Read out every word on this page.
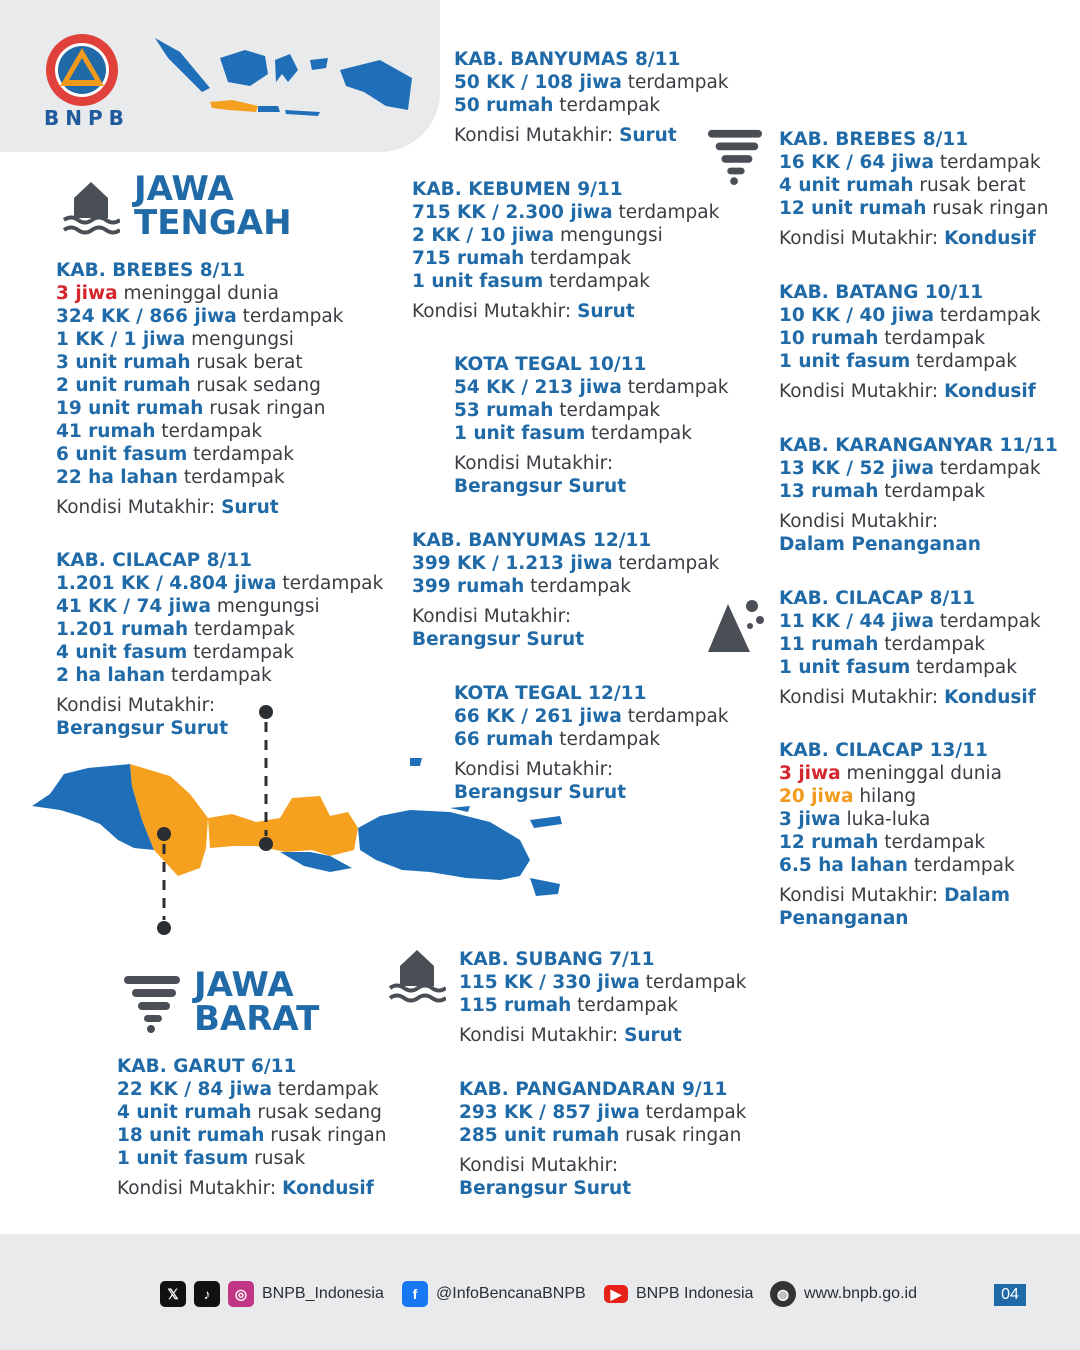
BNPB
JAWA
TENGAH
JAWA
BARAT
KAB. BANYUMAS 8/11
50 KK / 108 jiwa terdampak
50 rumah terdampak
Kondisi Mutakhir: Surut	KAB. BREBES 8/11
16 KK / 64 jiwa terdampak
4 unit rumah rusak berat
12 unit rumah rusak ringan
Kondisi Mutakhir: Kondusif
KAB. KEBUMEN 9/11
715 KK / 2.300 jiwa terdampak
2 KK / 10 jiwa mengungsi
715 rumah terdampak
1 unit fasum terdampak
Kondisi Mutakhir: Surut
KAB. BREBES 8/11
3 jiwa meninggal dunia
324 KK / 866 jiwa terdampak
1 KK / 1 jiwa mengungsi
3 unit rumah rusak berat
2 unit rumah rusak sedang
19 unit rumah rusak ringan
41 rumah terdampak
6 unit fasum terdampak
22 ha lahan terdampak
Kondisi Mutakhir: Surut
KAB. BATANG 10/11
10 KK / 40 jiwa terdampak
10 rumah terdampak
1 unit fasum terdampak
Kondisi Mutakhir: Kondusif
KOTA TEGAL 10/11
54 KK / 213 jiwa terdampak
53 rumah terdampak
1 unit fasum terdampak
Kondisi Mutakhir:
Berangsur Surut
KAB. KARANGANYAR 11/11
13 KK / 52 jiwa terdampak
13 rumah terdampak
Kondisi Mutakhir:
Dalam Penanganan
KAB. BANYUMAS 12/11
399 KK / 1.213 jiwa terdampak
399 rumah terdampak
Kondisi Mutakhir:
Berangsur Surut
KAB. CILACAP 8/11
1.201 KK / 4.804 jiwa terdampak
41 KK / 74 jiwa mengungsi
1.201 rumah terdampak
4 unit fasum terdampak
2 ha lahan terdampak
Kondisi Mutakhir:
Berangsur Surut
KAB. CILACAP 8/11
11 KK / 44 jiwa terdampak
11 rumah terdampak
1 unit fasum terdampak
Kondisi Mutakhir: Kondusif
KOTA TEGAL 12/11
66 KK / 261 jiwa terdampak
66 rumah terdampak
Kondisi Mutakhir:
Berangsur Surut
KAB. CILACAP 13/11
3 jiwa meninggal dunia
20 jiwa hilang
3 jiwa luka-luka
12 rumah terdampak
6.5 ha lahan terdampak
Kondisi Mutakhir: Dalam
Penanganan
KAB. SUBANG 7/11
115 KK / 330 jiwa terdampak
115 rumah terdampak
Kondisi Mutakhir: Surut
KAB. GARUT 6/11
22 KK / 84 jiwa terdampak
4 unit rumah rusak sedang
18 unit rumah rusak ringan
1 unit fasum rusak
Kondisi Mutakhir: Kondusif
KAB. PANGANDARAN 9/11
293 KK / 857 jiwa terdampak
285 unit rumah rusak ringan
Kondisi Mutakhir:
Berangsur Surut
𝕏	♪	◎ BNPB_Indonesia	f	@InfoBencanaBNPB	▶ BNPB Indonesia	◍ www.bnpb.go.id	04
